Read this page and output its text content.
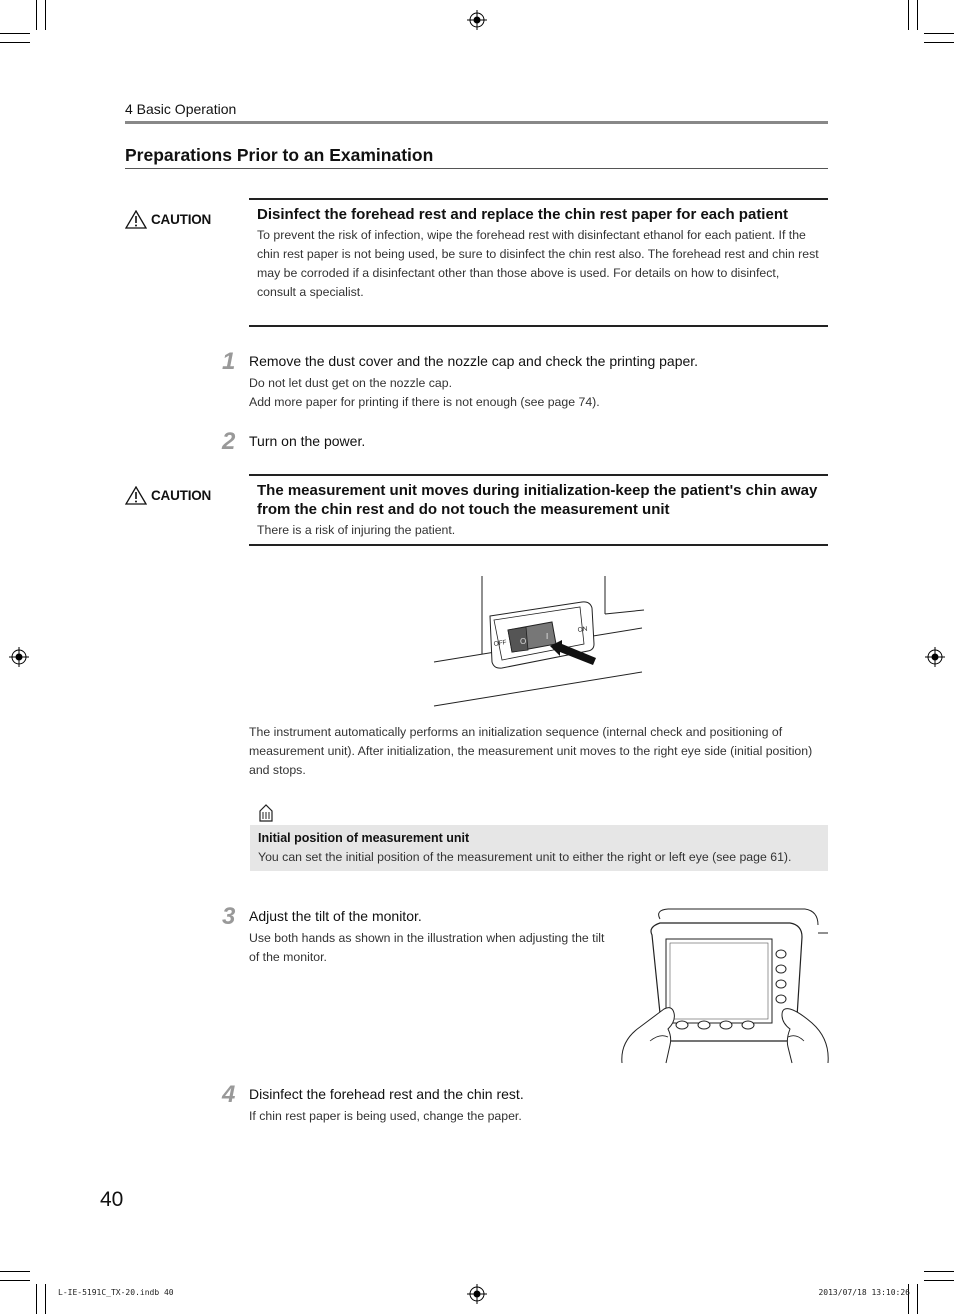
4 Basic Operation
Preparations Prior to an Examination
CAUTION	Disinfect the forehead rest and replace the chin rest paper for each patient
To prevent the risk of infection, wipe the forehead rest with disinfectant ethanol for each patient. If the chin rest paper is not being used, be sure to disinfect the chin rest also. The forehead rest and chin rest may be corroded if a disinfectant other than those above is used. For details on how to disinfect, consult a specialist.
1 Remove the dust cover and the nozzle cap and check the printing paper.
Do not let dust get on the nozzle cap.
Add more paper for printing if there is not enough (see page 74).
2 Turn on the power.
CAUTION	The measurement unit moves during initialization-keep the patient's chin away from the chin rest and do not touch the measurement unit
There is a risk of injuring the patient.
OFF
ON
O
I
The instrument automatically performs an initialization sequence (internal check and positioning of measurement unit). After initialization, the measurement unit moves to the right eye side (initial position) and stops.
Initial position of measurement unit
You can set the initial position of the measurement unit to either the right or left eye (see page 61).
3 Adjust the tilt of the monitor.
Use both hands as shown in the illustration when adjusting the tilt of the monitor.
4 Disinfect the forehead rest and the chin rest.
If chin rest paper is being used, change the paper.
40
L-IE-5191C_TX-20.indb 40	2013/07/18 13:10:26
